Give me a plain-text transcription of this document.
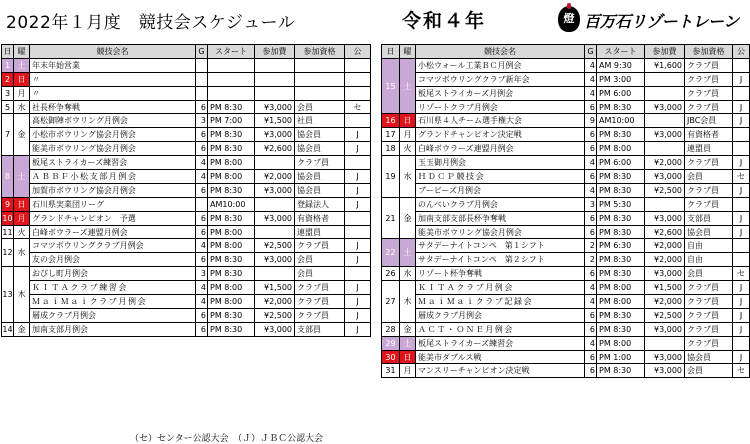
2022年１月度　競技会スケジュール	令和４年	燈 百万石リゾートレーン
日	曜	競技会名	G	スタート	参加費	参加資格	公
1	土	年末年始営業					
2	日	〃					
3	月	〃					
5	水	社長杯争奪戦	6	PM 8:30	¥3,000	会員	セ
7	金	高松御陣ボウリング月例会	3	PM 7:00	¥1,500	社員	
		小松市ボウリング協会月例会	6	PM 8:30	¥3,000	協会員	J
		能美市ボウリング協会月例会	6	PM 8:30	¥2,600	協会員	J
8	土	板尾ストライカーズ練習会	4	PM 8:00		クラブ員	
		ＡＢＢＦ小松支部月例会	4	PM 8:00	¥2,000	協会員	J
		加賀市ボウリング協会月例会	6	PM 8:30	¥3,000	協会員	J
9	日	石川県実業団リーグ		AM10:00		登録法人	J
10	月	グランドチャンピオン　予選	6	PM 8:30	¥3,000	有資格者	
11	火	白峰ボウラーズ連盟月例会	6	PM 8:00		連盟員	
12	水	コマツボウリングクラブ月例会	4	PM 8:00	¥2,500	クラブ員	J
		友の会月例会	6	PM 8:30	¥3,000	会員	J
13	木	おぴし町月例会	3	PM 8:30		会員	
		ＫＩＴＡクラブ練習会	4	PM 8:00	¥1,500	クラブ員	J
		ＭａｉＭａｉクラブ月例会	4	PM 8:00	¥2,000	クラブ員	J
		層成クラブ月例会	6	PM 8:30	¥2,500	クラブ員	J
14	金	加南支部月例会	6	PM 8:30	¥3,000	支部員	J
日	曜	競技会名	G	スタート	参加費	参加資格	公
15	土	小松ウォール工業ＢＣ月例会	4	AM 9:30	¥1,600	クラブ員	
		コマツボウリングクラブ新年会	4	PM 3:00		クラブ員	J
		板尾ストライカーズ月例会	4	PM 6:00		クラブ員	
		リゾートクラブ月例会	6	PM 8:30	¥3,000	クラブ員	J
16	日	石川県４人チーム選手権大会	9	AM10:00		JBC会員	J
17	月	グランドチャンピオン決定戦	6	PM 8:30	¥3,000	有資格者	
18	火	白峰ボウラーズ連盟月例会	6	PM 8:00		連盟員	
19	水	玉玉御月例会	4	PM 6:00	¥2,000	クラブ員	J
		ＨＤＣＰ競技会	6	PM 8:30	¥3,000	会員	セ
		ブービーズ月例会	4	PM 8:30	¥2,500	クラブ員	J
21	金	のんべいクラブ月例会	3	PM 5:30		クラブ員	
		加南支部支部長杯争奪戦	6	PM 8:30	¥3,000	支部員	J
		能美市ボウリング協会月例会	6	PM 8:30	¥2,600	協会員	J
22	土	サタデーナイトコンペ　第１シフト	2	PM 6:30	¥2,000	自由	
		サタデーナイトコンペ　第２シフト	2	PM 8:30	¥2,000	自由	
26	水	リゾート杯争奪戦	6	PM 8:30	¥3,000	会員	セ
27	木	ＫＩＴＡクラブ月例会	4	PM 8:00	¥1,500	クラブ員	J
		ＭａｉＭａｉクラブ記録会	4	PM 8:00	¥2,000	クラブ員	J
		層成クラブ月例会	6	PM 8:30	¥2,500	クラブ員	J
28	金	ＡＣＴ・ＯＮＥ月例会	6	PM 8:30	¥3,000	クラブ員	J
29	土	板尾ストライカーズ練習会	4	PM 8:00		クラブ員	
30	日	能美市ダブルス戦	6	PM 1:00	¥3,000	協会員	J
31	月	マンスリーチャンピオン決定戦	6	PM 8:30	¥3,000	会員	セ
（セ）センター公認大会　（Ｊ）ＪＢＣ公認大会
